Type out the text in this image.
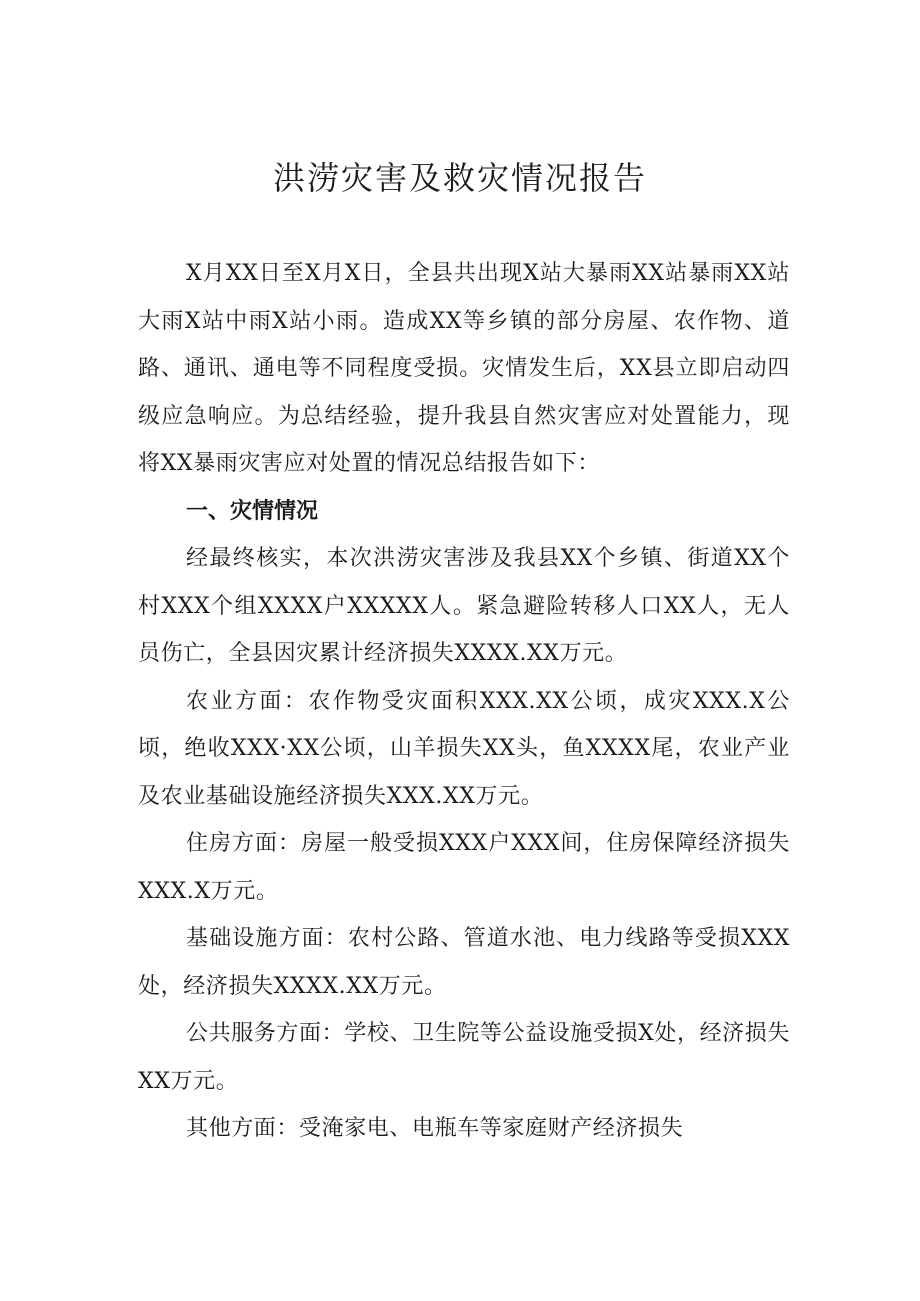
洪涝灾害及救灾情况报告

X月XX日至X月X日，全县共出现X站大暴雨XX站暴雨XX站大雨X站中雨X站小雨。造成XX等乡镇的部分房屋、农作物、道路、通讯、通电等不同程度受损。灾情发生后，XX县立即启动四级应急响应。为总结经验，提升我县自然灾害应对处置能力，现将XX暴雨灾害应对处置的情况总结报告如下：

一、灾情情况

经最终核实，本次洪涝灾害涉及我县XX个乡镇、街道XX个村XXX个组XXXX户XXXXX人。紧急避险转移人口XX人，无人员伤亡，全县因灾累计经济损失XXXX.XX万元。

农业方面：农作物受灾面积XXX.XX公顷，成灾XXX.X公顷，绝收XXX·XX公顷，山羊损失XX头，鱼XXXX尾，农业产业及农业基础设施经济损失XXX.XX万元。

住房方面：房屋一般受损XXX户XXX间，住房保障经济损失XXX.X万元。

基础设施方面：农村公路、管道水池、电力线路等受损XXX处，经济损失XXXX.XX万元。

公共服务方面：学校、卫生院等公益设施受损X处，经济损失XX万元。

其他方面：受淹家电、电瓶车等家庭财产经济损失
